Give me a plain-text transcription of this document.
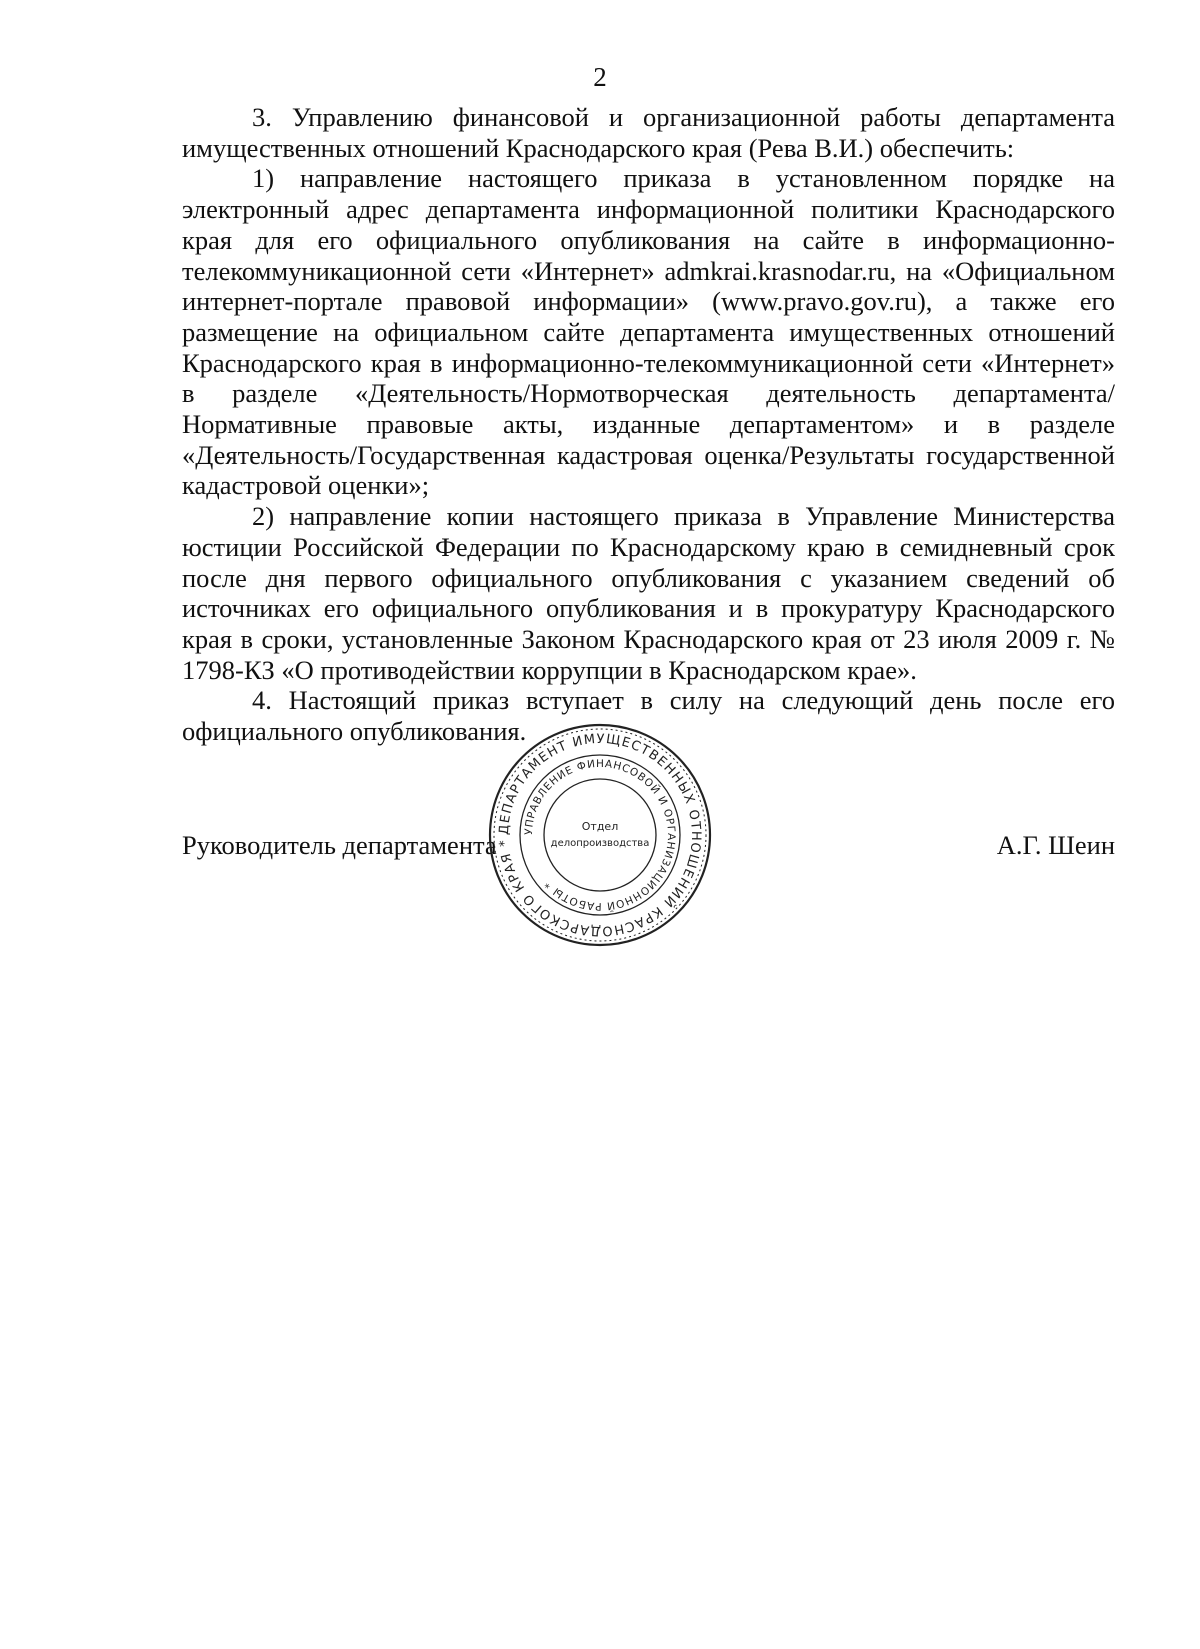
2

3. Управлению финансовой и организационной работы департамента имущественных отношений Краснодарского края (Рева В.И.) обеспечить:

1) направление настоящего приказа в установленном порядке на электронный адрес департамента информационной политики Краснодарского края для его официального опубликования на сайте в информационно-телекоммуникационной сети «Интернет» admkrai.krasnodar.ru, на «Официальном интернет-портале правовой информации» (www.pravo.gov.ru), а также его размещение на официальном сайте департамента имущественных отношений Краснодарского края в информационно-телекоммуникационной сети «Интернет» в разделе «Деятельность/Нормотворческая деятельность департамента/Нормативные правовые акты, изданные департаментом» и в разделе «Деятельность/Государственная кадастровая оценка/Результаты государственной кадастровой оценки»;

2) направление копии настоящего приказа в Управление Министерства юстиции Российской Федерации по Краснодарскому краю в семидневный срок после дня первого официального опубликования с указанием сведений об источниках его официального опубликования и в прокуратуру Краснодарского края в сроки, установленные Законом Краснодарского края от 23 июля 2009 г. № 1798-КЗ «О противодействии коррупции в Краснодарском крае».

4. Настоящий приказ вступает в силу на следующий день после его официального опубликования.

Руководитель департамента	А.Г. Шеин
ДЕПАРТАМЕНТ ИМУЩЕСТВЕННЫХ ОТНОШЕНИЙ КРАСНОДАРСКОГО КРАЯ *
УПРАВЛЕНИЕ ФИНАНСОВОЙ И ОРГАНИЗАЦИОННОЙ РАБОТЫ *
Отдел
делопроизводства
